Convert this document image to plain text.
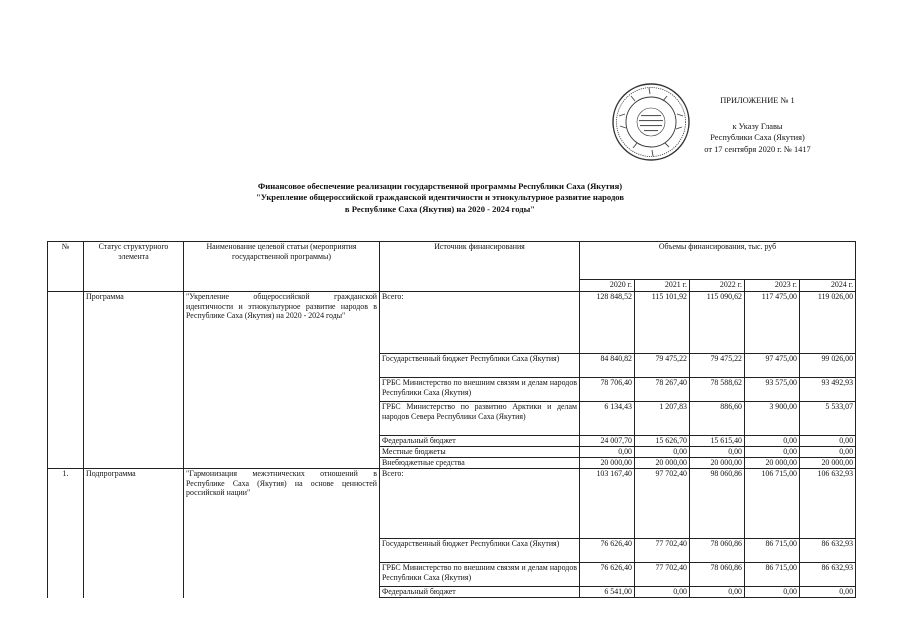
ПРИЛОЖЕНИЕ № 1
к Указу Главы
Республики Саха (Якутия)
от 17 сентября 2020 г. № 1417
Финансовое обеспечение реализации государственной программы Республики Саха (Якутия)
"Укрепление общероссийской гражданской идентичности и этнокультурное развитие народов
в Республике Саха (Якутия) на 2020 - 2024 годы"
№	Статус структурного элемента	Наименование целевой статьи (мероприятия государственной программы)	Источник финансирования	Объемы финансирования, тыс. руб				
				2020 г.	2021 г.	2022 г.	2023 г.	2024 г.
	Программа	"Укрепление общероссийской гражданской идентичности и этнокультурное развитие народов в Республике Саха (Якутия) на 2020 - 2024 годы"	Всего:	128 848,52	115 101,92	115 090,62	117 475,00	119 026,00
			Государственный бюджет Республики Саха (Якутия)	84 840,82	79 475,22	79 475,22	97 475,00	99 026,00
			ГРБС Министерство по внешним связям и делам народов Республики Саха (Якутия)	78 706,40	78 267,40	78 588,62	93 575,00	93 492,93
			ГРБС Министерство по развитию Арктики и делам народов Севера Республики Саха (Якутия)	6 134,43	1 207,83	886,60	3 900,00	5 533,07
			Федеральный бюджет	24 007,70	15 626,70	15 615,40	0,00	0,00
			Местные бюджеты	0,00	0,00	0,00	0,00	0,00
			Внебюджетные средства	20 000,00	20 000,00	20 000,00	20 000,00	20 000,00
1.	Подпрограмма	"Гармонизация межэтнических отношений в Республике Саха (Якутия) на основе ценностей российской нации"	Всего:	103 167,40	97 702,40	98 060,86	106 715,00	106 632,93
			Государственный бюджет Республики Саха (Якутия)	76 626,40	77 702,40	78 060,86	86 715,00	86 632,93
			ГРБС Министерство по внешним связям и делам народов Республики Саха (Якутия)	76 626,40	77 702,40	78 060,86	86 715,00	86 632,93
			Федеральный бюджет	6 541,00	0,00	0,00	0,00	0,00
